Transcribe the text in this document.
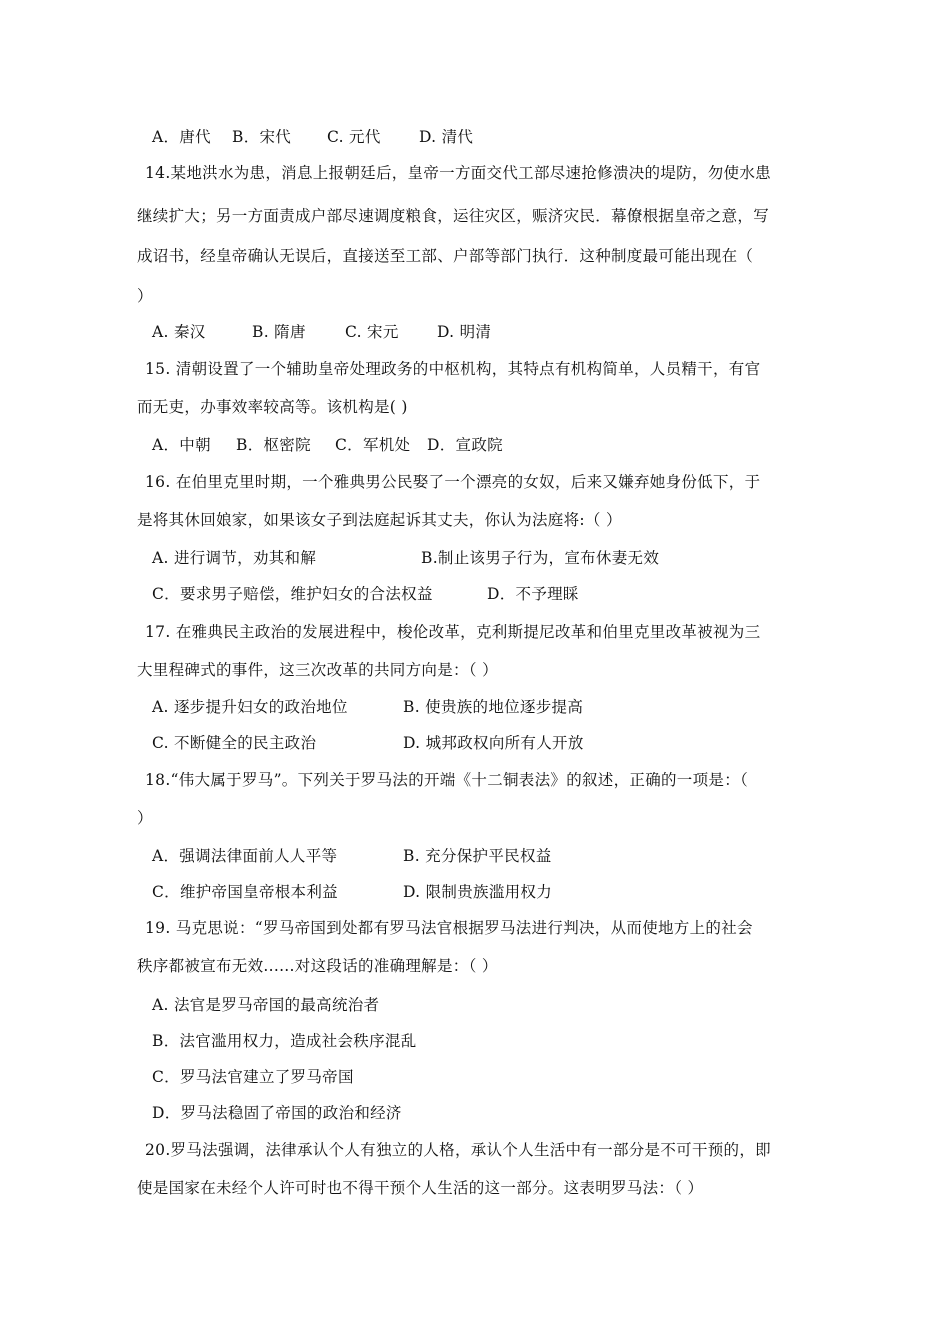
A．唐代 B．宋代 C. 元代 D. 清代
14.某地洪水为患，消息上报朝廷后，皇帝一方面交代工部尽速抢修溃决的堤防，勿使水患
继续扩大；另一方面责成户部尽速调度粮食，运往灾区，赈济灾民．幕僚根据皇帝之意，写
成诏书，经皇帝确认无误后，直接送至工部、户部等部门执行．这种制度最可能出现在（
）
A. 秦汉	B. 隋唐	C. 宋元 D. 明清
15. 清朝设置了一个辅助皇帝处理政务的中枢机构，其特点有机构简单，人员精干，有官
而无吏，办事效率较高等。该机构是( )
A．中朝 B．枢密院 C．军机处 D．宣政院
16. 在伯里克里时期，一个雅典男公民娶了一个漂亮的女奴，后来又嫌弃她身份低下，于
是将其休回娘家，如果该女子到法庭起诉其丈夫，你认为法庭将:（ ）
A. 进行调节，劝其和解	B.制止该男子行为，宣布休妻无效
C．要求男子赔偿，维护妇女的合法权益	D．不予理睬
17. 在雅典民主政治的发展进程中，梭伦改革，克利斯提尼改革和伯里克里改革被视为三
大里程碑式的事件，这三次改革的共同方向是：（ ）
A. 逐步提升妇女的政治地位	B. 使贵族的地位逐步提高
C. 不断健全的民主政治	D. 城邦政权向所有人开放
18.“伟大属于罗马”。下列关于罗马法的开端《十二铜表法》的叙述，正确的一项是：（
）
A．强调法律面前人人平等	B. 充分保护平民权益
C．维护帝国皇帝根本利益	D. 限制贵族滥用权力
19. 马克思说：“罗马帝国到处都有罗马法官根据罗马法进行判决，从而使地方上的社会
秩序都被宣布无效......对这段话的准确理解是：（ ）
A. 法官是罗马帝国的最高统治者
B．法官滥用权力，造成社会秩序混乱
C．罗马法官建立了罗马帝国
D．罗马法稳固了帝国的政治和经济
20.罗马法强调，法律承认个人有独立的人格，承认个人生活中有一部分是不可干预的，即
使是国家在未经个人许可时也不得干预个人生活的这一部分。这表明罗马法：（ ）
